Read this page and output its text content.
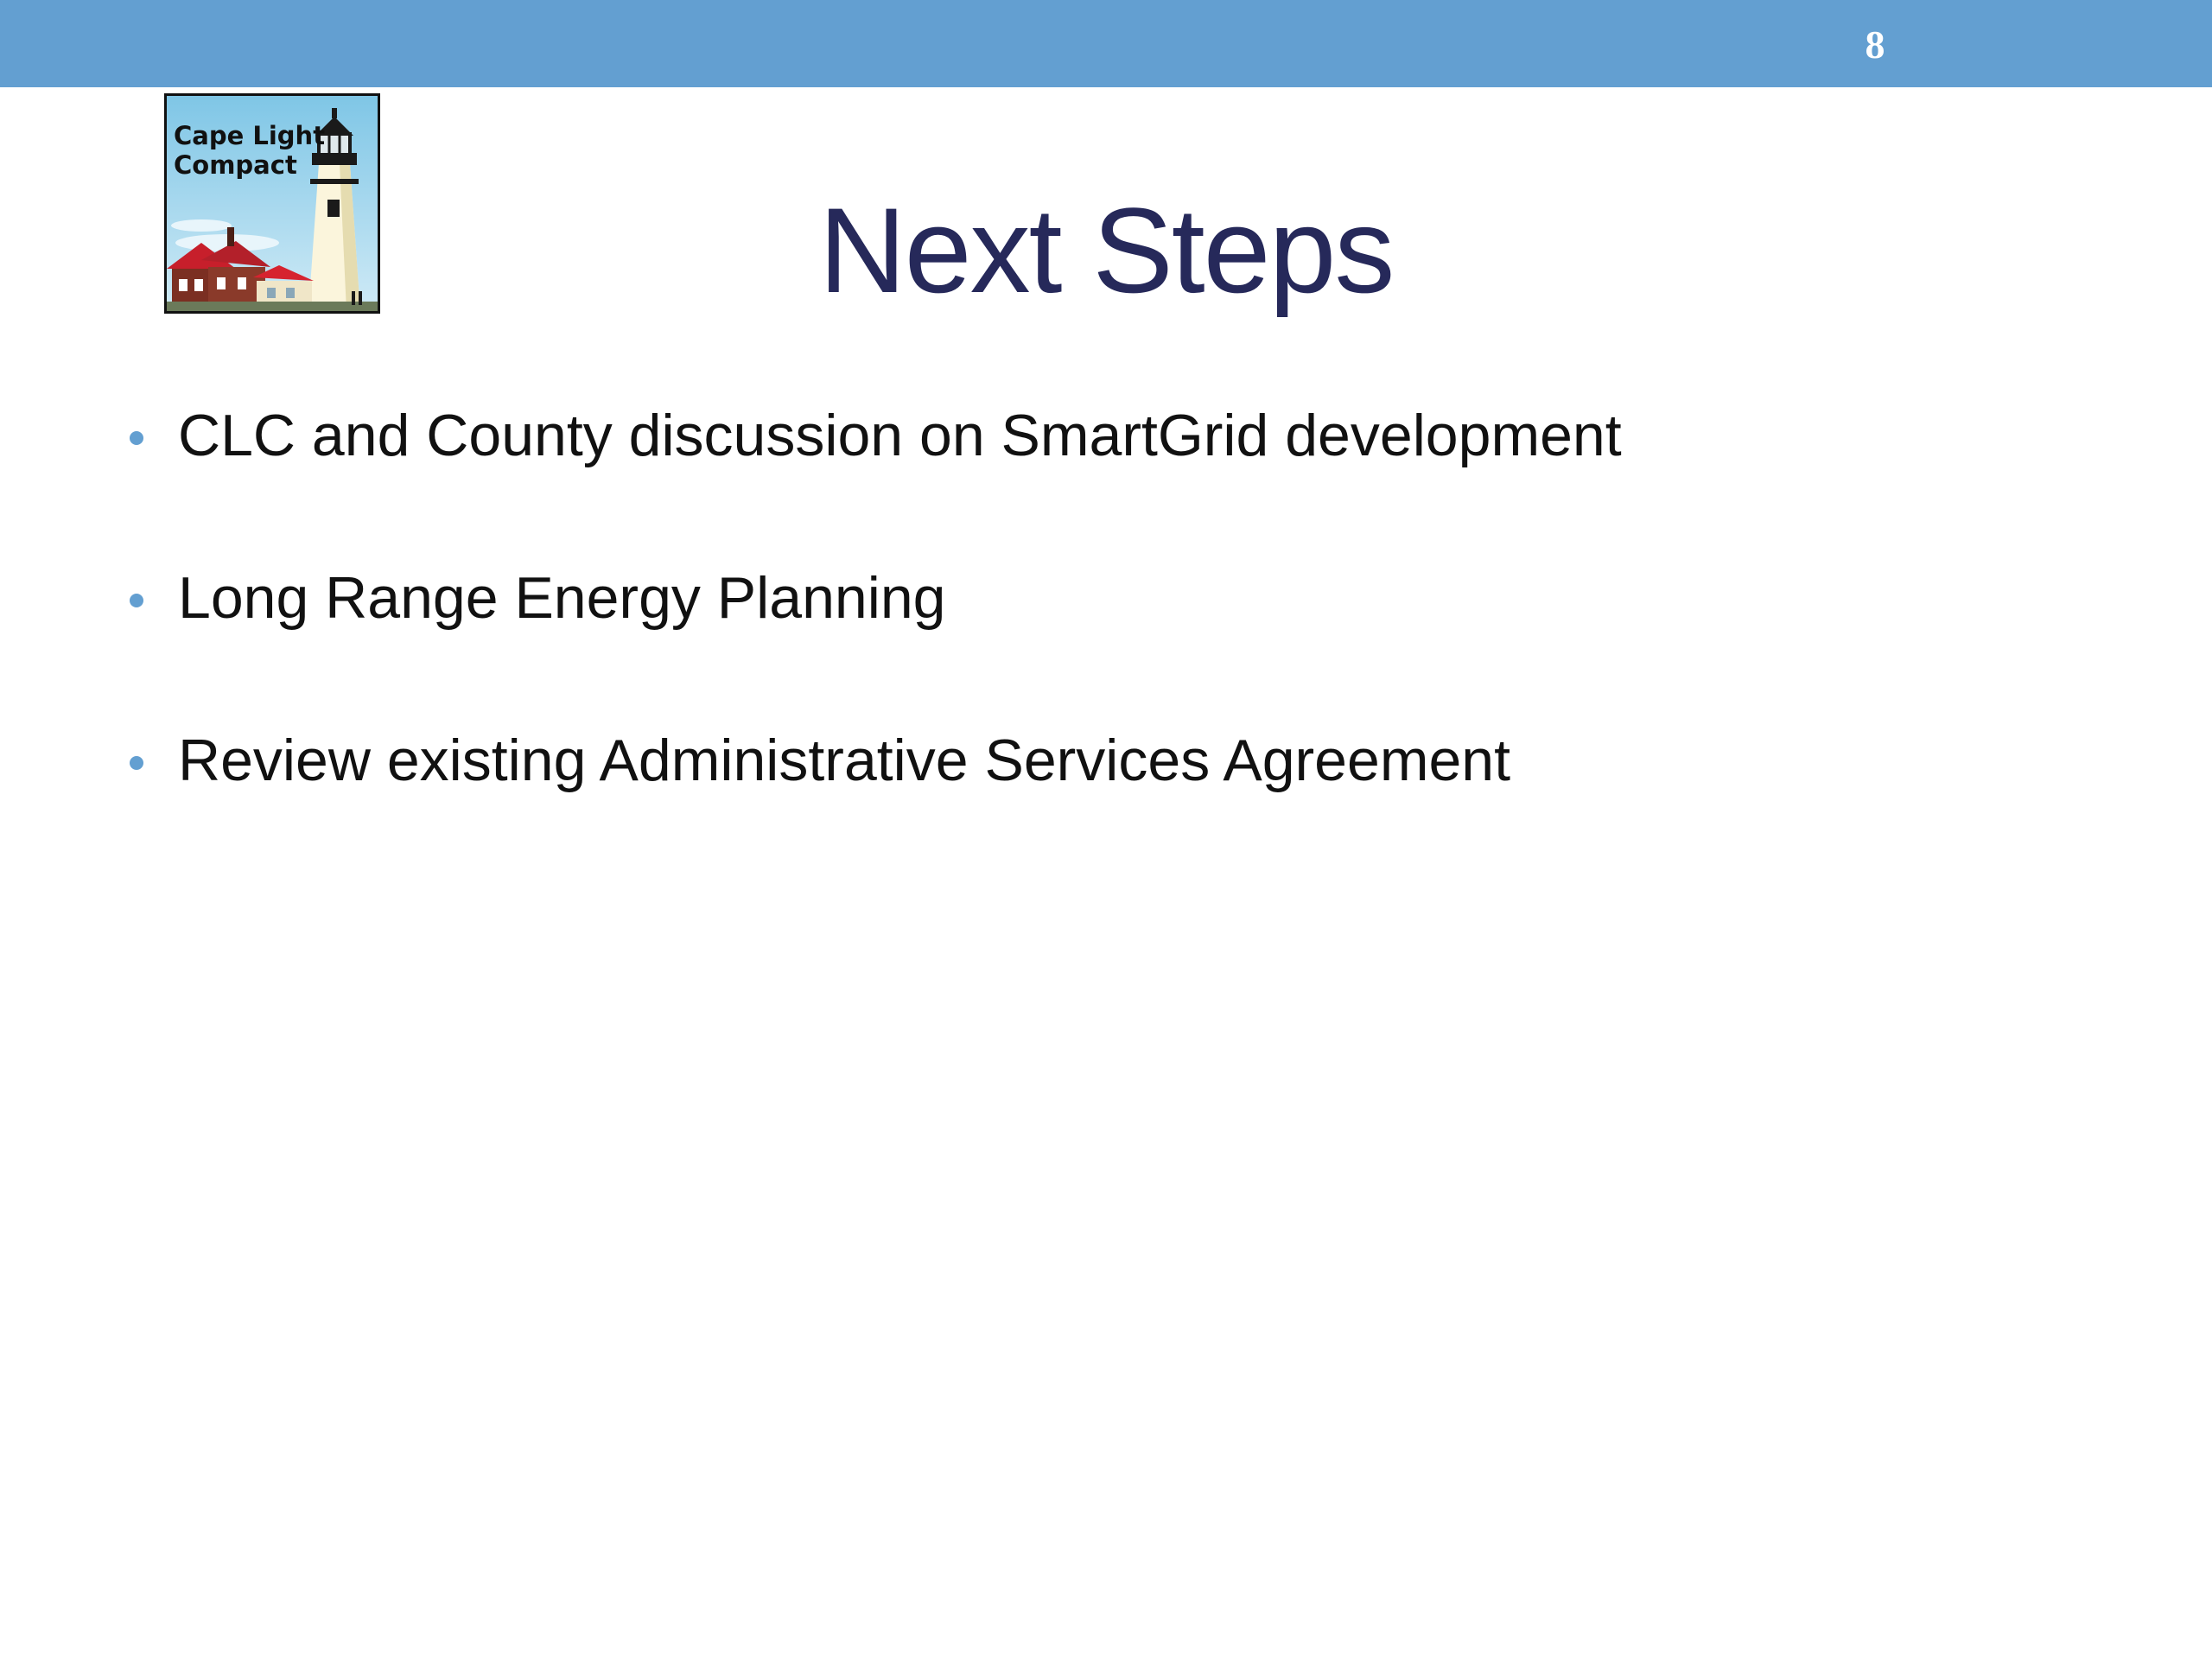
8
Cape Light
Compact
Next Steps
CLC and County discussion on SmartGrid development
Long Range Energy Planning
Review existing Administrative Services Agreement
